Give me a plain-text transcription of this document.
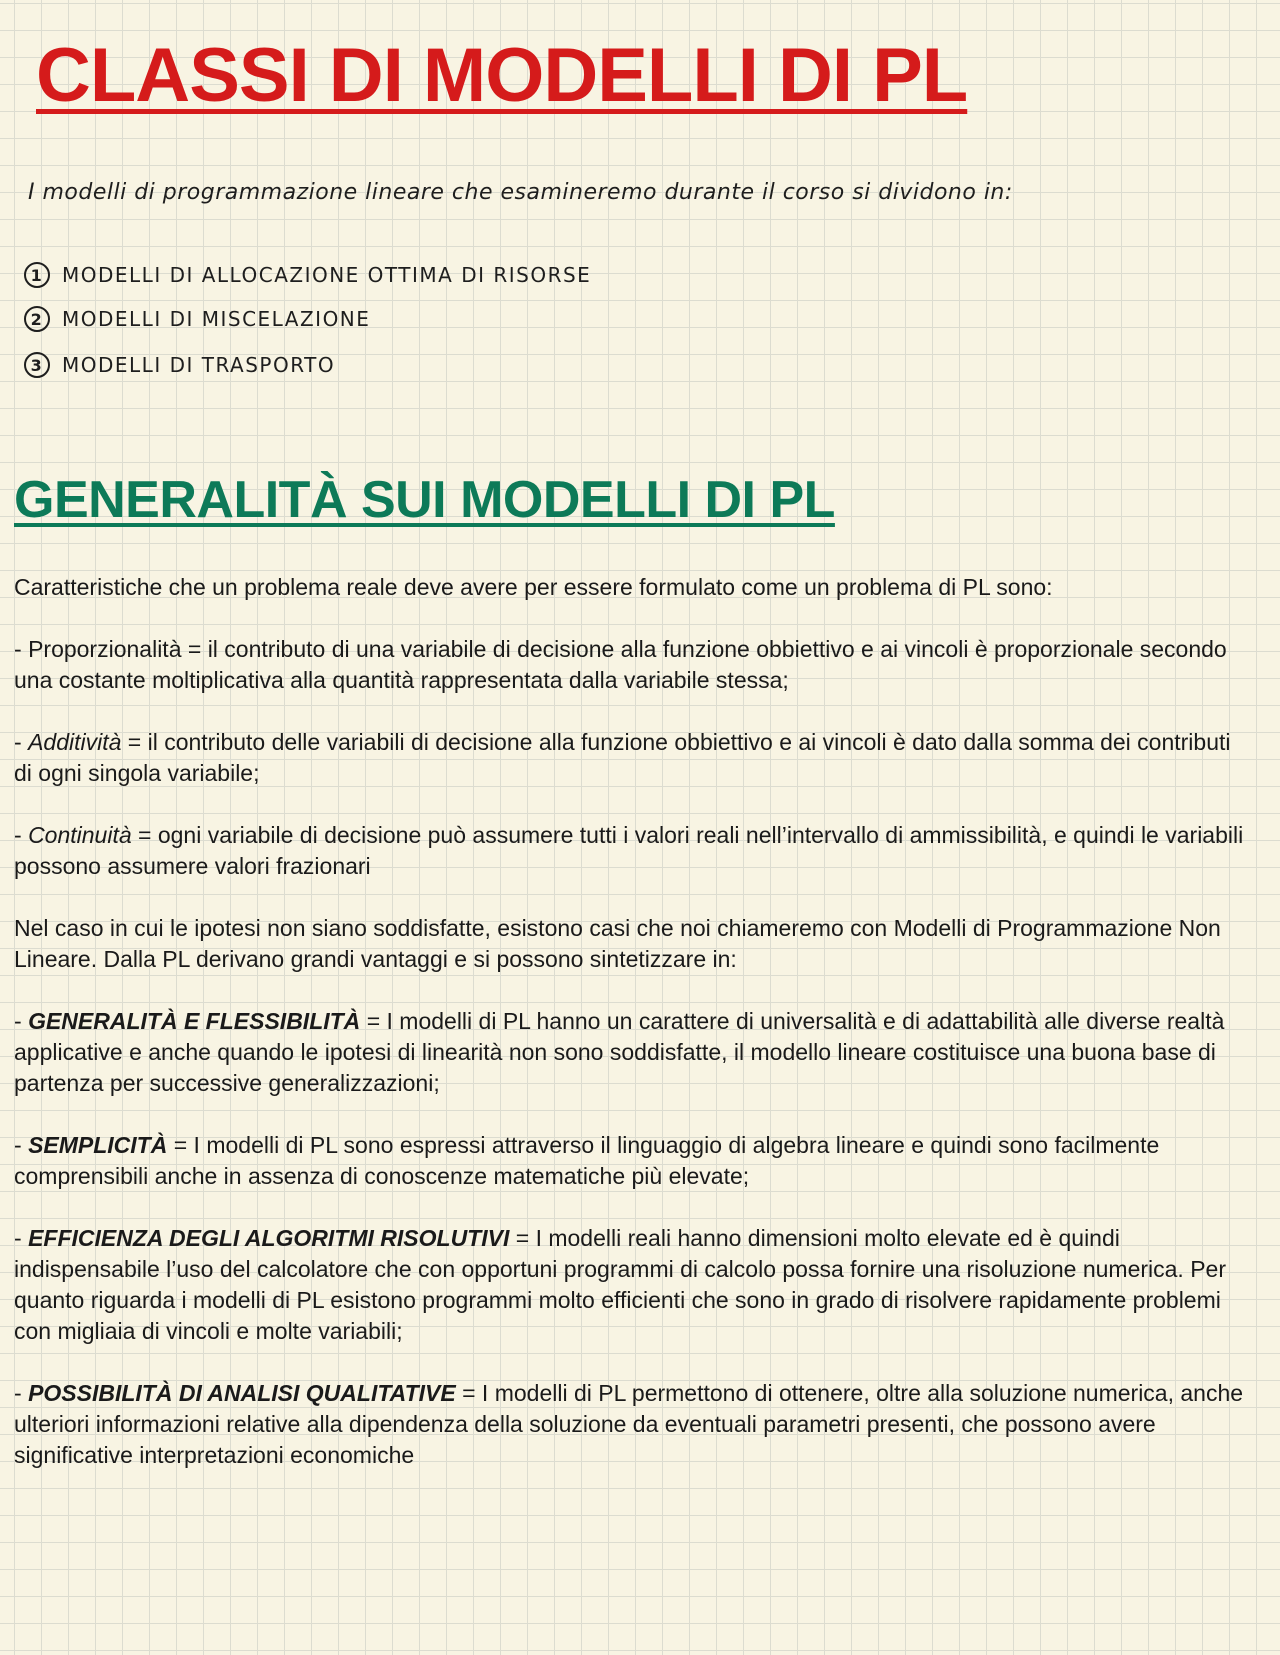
CLASSI DI MODELLI DI PL
I modelli di programmazione lineare che esamineremo durante il corso si dividono in:
1 MODELLI DI ALLOCAZIONE OTTIMA DI RISORSE
2 MODELLI DI MISCELAZIONE
3 MODELLI DI TRASPORTO
GENERALITÀ SUI MODELLI DI PL

Caratteristiche che un problema reale deve avere per essere formulato come un problema di PL sono:

- Proporzionalità = il contributo di una variabile di decisione alla funzione obbiettivo e ai vincoli è proporzionale secondo una costante moltiplicativa alla quantità rappresentata dalla variabile stessa;

- Additività = il contributo delle variabili di decisione alla funzione obbiettivo e ai vincoli è dato dalla somma dei contributi di ogni singola variabile;

- Continuità = ogni variabile di decisione può assumere tutti i valori reali nell’intervallo di ammissibilità, e quindi le variabili possono assumere valori frazionari

Nel caso in cui le ipotesi non siano soddisfatte, esistono casi che noi chiameremo con Modelli di Programmazione Non Lineare. Dalla PL derivano grandi vantaggi e si possono sintetizzare in:

- GENERALITÀ E FLESSIBILITÀ = I modelli di PL hanno un carattere di universalità e di adattabilità alle diverse realtà applicative e anche quando le ipotesi di linearità non sono soddisfatte, il modello lineare costituisce una buona base di partenza per successive generalizzazioni;

- SEMPLICITÀ = I modelli di PL sono espressi attraverso il linguaggio di algebra lineare e quindi sono facilmente comprensibili anche in assenza di conoscenze matematiche più elevate;

- EFFICIENZA DEGLI ALGORITMI RISOLUTIVI = I modelli reali hanno dimensioni molto elevate ed è quindi indispensabile l’uso del calcolatore che con opportuni programmi di calcolo possa fornire una risoluzione numerica. Per quanto riguarda i modelli di PL esistono programmi molto efficienti che sono in grado di risolvere rapidamente problemi con migliaia di vincoli e molte variabili;

- POSSIBILITÀ DI ANALISI QUALITATIVE = I modelli di PL permettono di ottenere, oltre alla soluzione numerica, anche ulteriori informazioni relative alla dipendenza della soluzione da eventuali parametri presenti, che possono avere significative interpretazioni economiche
